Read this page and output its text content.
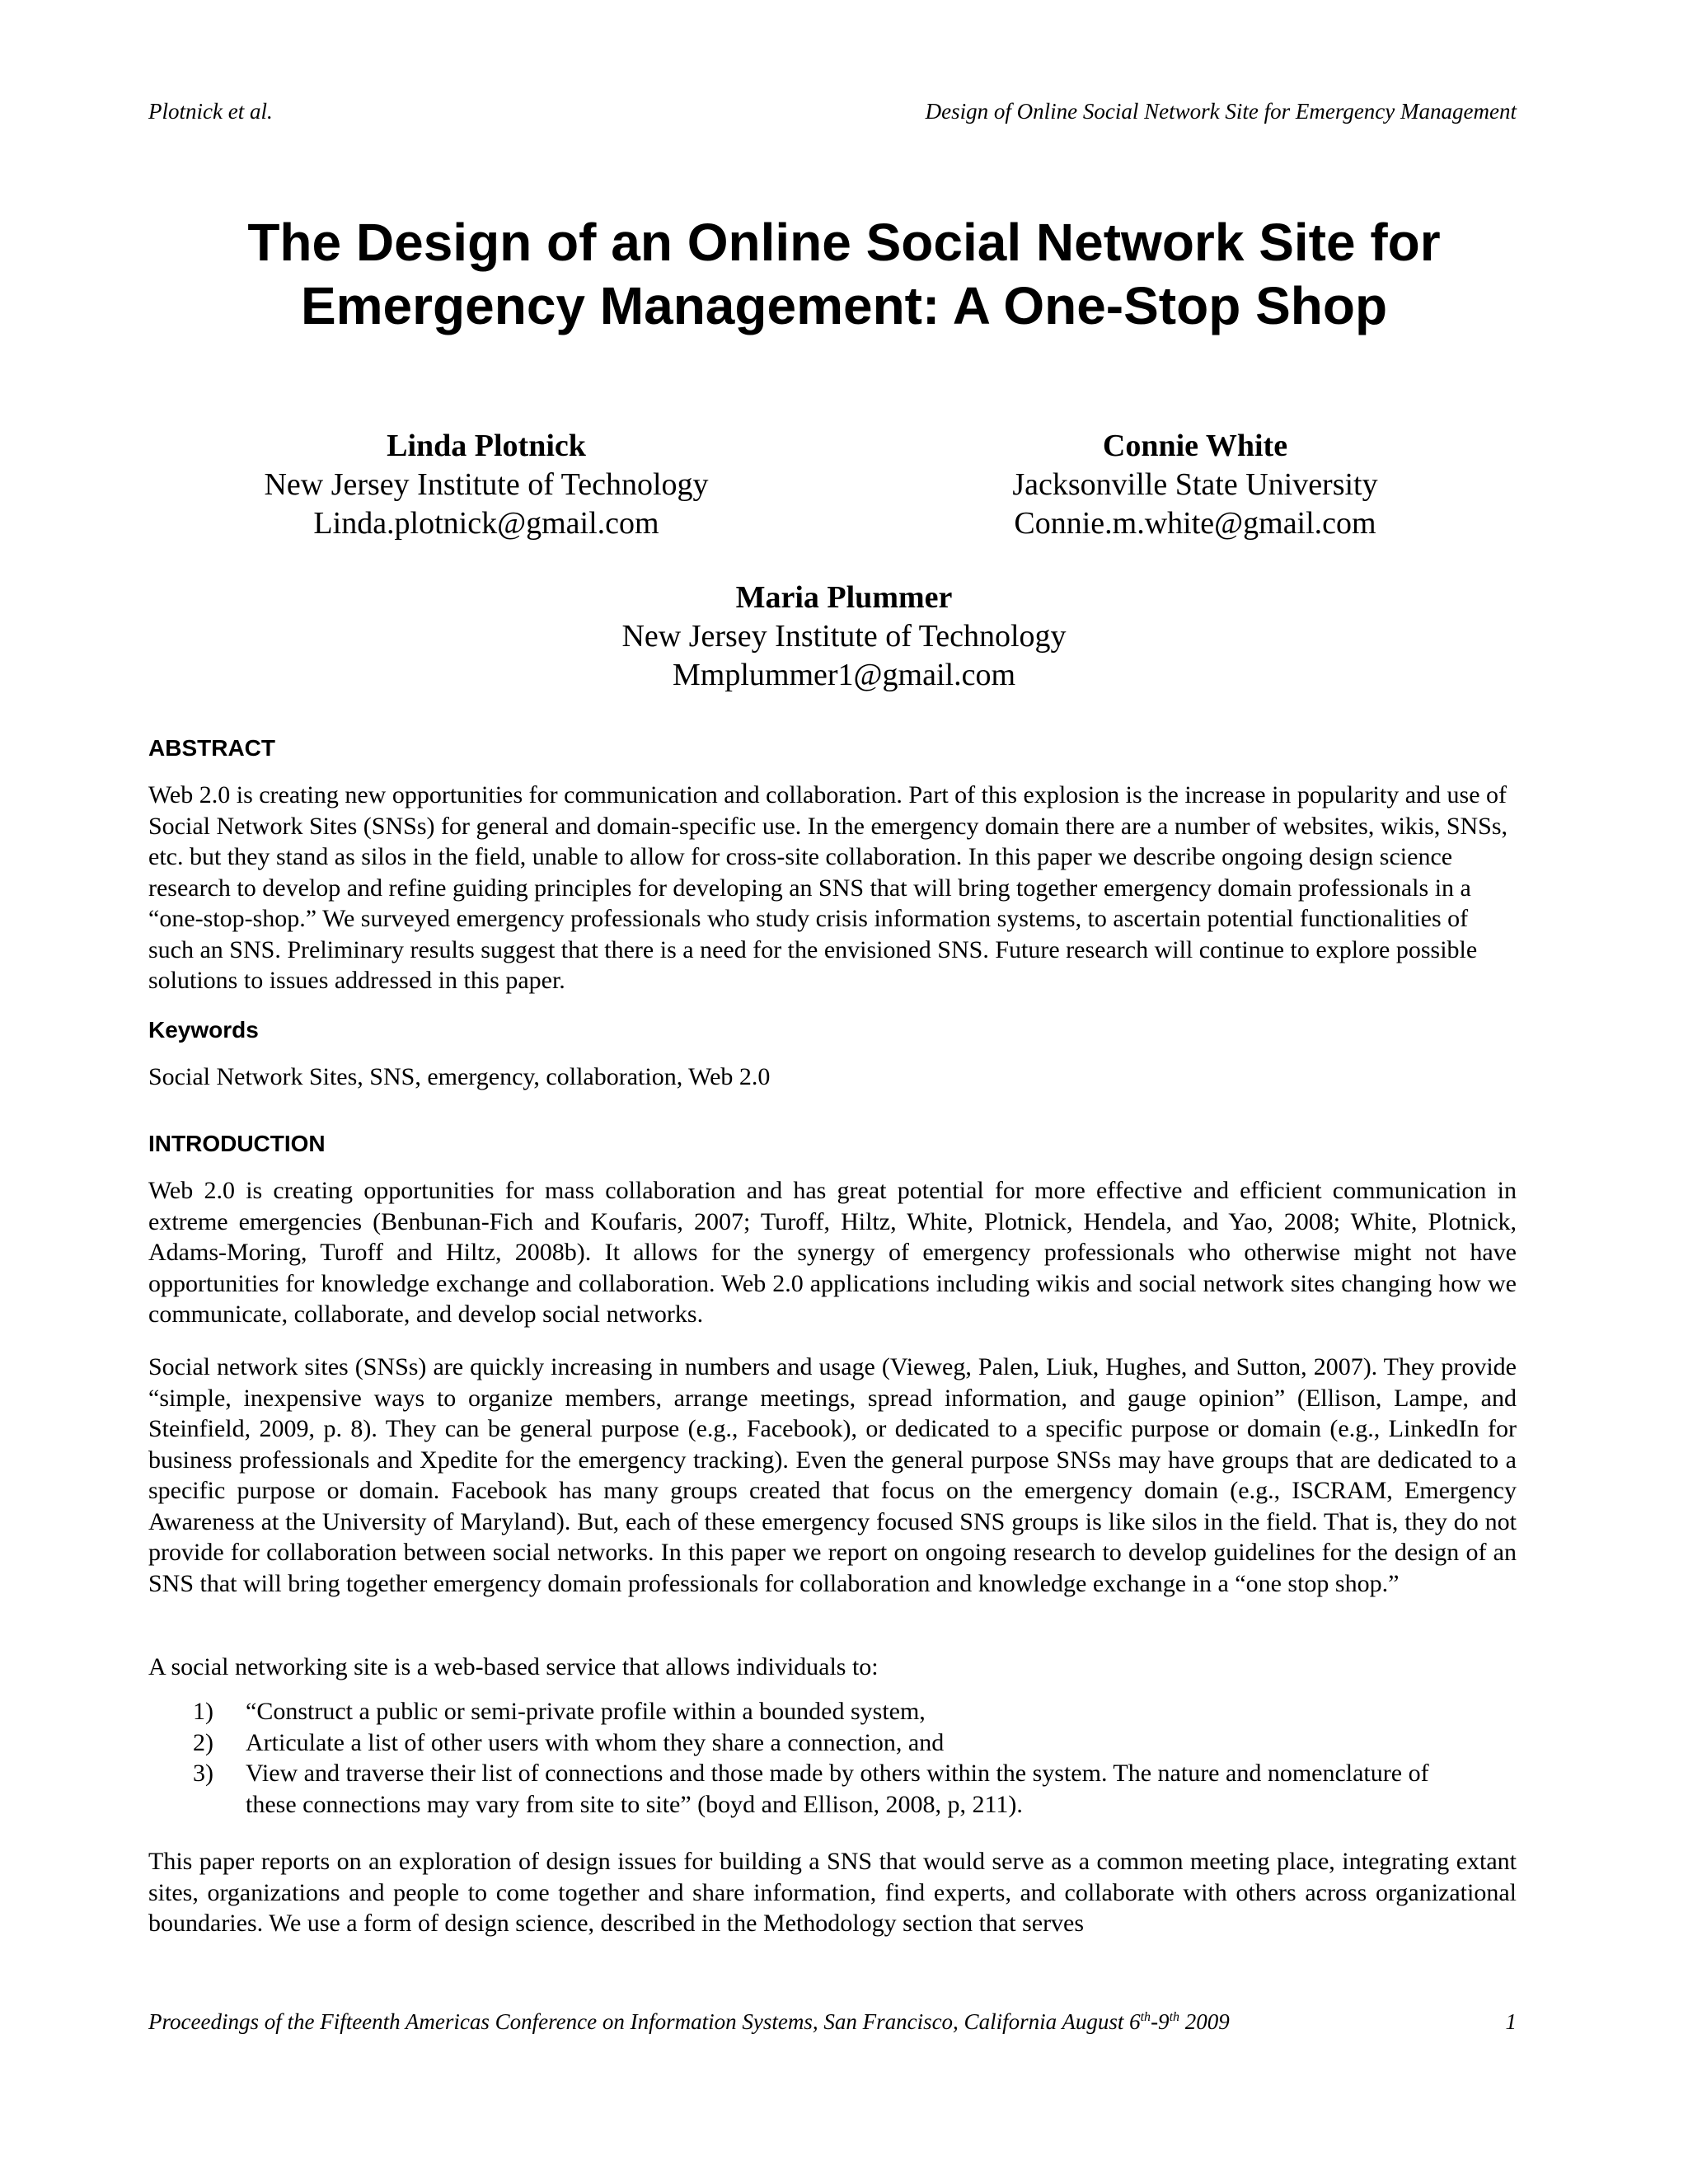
Plotnick et al.	Design of Online Social Network Site for Emergency Management
The Design of an Online Social Network Site for Emergency Management: A One-Stop Shop
Linda Plotnick
New Jersey Institute of Technology
Linda.plotnick@gmail.com
Connie White
Jacksonville State University
Connie.m.white@gmail.com
Maria Plummer
New Jersey Institute of Technology
Mmplummer1@gmail.com
ABSTRACT
Web 2.0 is creating new opportunities for communication and collaboration. Part of this explosion is the increase in popularity and use of Social Network Sites (SNSs) for general and domain-specific use. In the emergency domain there are a number of websites, wikis, SNSs, etc. but they stand as silos in the field, unable to allow for cross-site collaboration. In this paper we describe ongoing design science research to develop and refine guiding principles for developing an SNS that will bring together emergency domain professionals in a “one-stop-shop.” We surveyed emergency professionals who study crisis information systems, to ascertain potential functionalities of such an SNS. Preliminary results suggest that there is a need for the envisioned SNS. Future research will continue to explore possible solutions to issues addressed in this paper.
Keywords
Social Network Sites, SNS, emergency, collaboration, Web 2.0
INTRODUCTION
Web 2.0 is creating opportunities for mass collaboration and has great potential for more effective and efficient communication in extreme emergencies (Benbunan-Fich and Koufaris, 2007; Turoff, Hiltz, White, Plotnick, Hendela, and Yao, 2008; White, Plotnick, Adams-Moring, Turoff and Hiltz, 2008b). It allows for the synergy of emergency professionals who otherwise might not have opportunities for knowledge exchange and collaboration. Web 2.0 applications including wikis and social network sites changing how we communicate, collaborate, and develop social networks.
Social network sites (SNSs) are quickly increasing in numbers and usage (Vieweg, Palen, Liuk, Hughes, and Sutton, 2007). They provide “simple, inexpensive ways to organize members, arrange meetings, spread information, and gauge opinion” (Ellison, Lampe, and Steinfield, 2009, p. 8). They can be general purpose (e.g., Facebook), or dedicated to a specific purpose or domain (e.g., LinkedIn for business professionals and Xpedite for the emergency tracking). Even the general purpose SNSs may have groups that are dedicated to a specific purpose or domain. Facebook has many groups created that focus on the emergency domain (e.g., ISCRAM, Emergency Awareness at the University of Maryland). But, each of these emergency focused SNS groups is like silos in the field. That is, they do not provide for collaboration between social networks. In this paper we report on ongoing research to develop guidelines for the design of an SNS that will bring together emergency domain professionals for collaboration and knowledge exchange in a “one stop shop.”
A social networking site is a web-based service that allows individuals to:
1) “Construct a public or semi-private profile within a bounded system,
2) Articulate a list of other users with whom they share a connection, and
3) View and traverse their list of connections and those made by others within the system. The nature and nomenclature of these connections may vary from site to site” (boyd and Ellison, 2008, p, 211).
This paper reports on an exploration of design issues for building a SNS that would serve as a common meeting place, integrating extant sites, organizations and people to come together and share information, find experts, and collaborate with others across organizational boundaries. We use a form of design science, described in the Methodology section that serves
Proceedings of the Fifteenth Americas Conference on Information Systems, San Francisco, California August 6th-9th 2009	1
